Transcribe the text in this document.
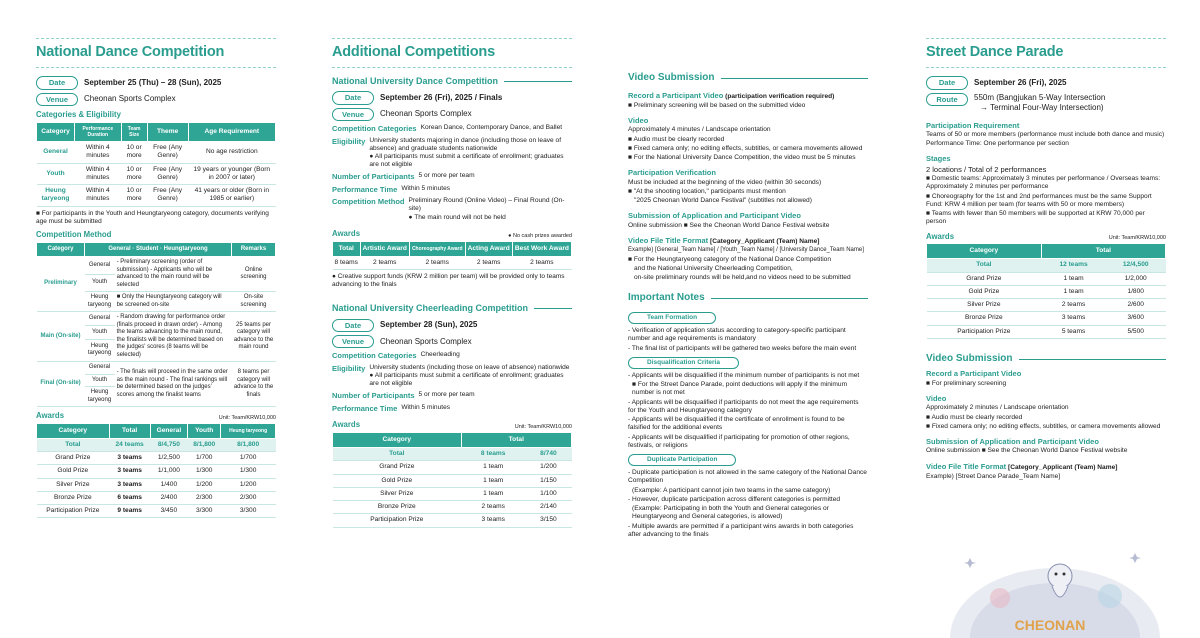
National Dance Competition
Date	September 25 (Thu) – 28 (Sun), 2025
Venue	Cheonan Sports Complex
Categories & Eligibility
Category	Performance Duration	Team Size	Theme	Age Requirement
General	Within 4 minutes	10 or more	Free (Any Genre)	No age restriction
Youth	Within 4 minutes	10 or more	Free (Any Genre)	19 years or younger (Born in 2007 or later)
Heung taryeong	Within 4 minutes	10 or more	Free (Any Genre)	41 years or older (Born in 1985 or earlier)
■ For participants in the Youth and Heungtaryeong category, documents verifying age must be submitted
Competition Method
Category	General · Student · Heungtaryeong		Remarks
Preliminary	General	- Preliminary screening (order of submission) - Applicants who will be advanced to the main round will be selected	Online screening
	Youth		
	Heung taryeong	■ Only the Heungtaryeong category will be screened on-site	On-site screening
Main (On-site)	General	- Random drawing for performance order (finals proceed in drawn order) - Among the teams advancing to the main round, the finalists will be determined based on the judges' scores (8 teams will be selected)	25 teams per category will advance to the main round
	Youth		
	Heung taryeong		
Final (On-site)	General	- The finals will proceed in the same order as the main round - The final rankings will be determined based on the judges' scores among the finalist teams	8 teams per category will advance to the finals
	Youth		
	Heung taryeong		
Awards	Unit: Team/KRW10,000
Category	Total	General	Youth	Heung taryeong
Total	24 teams	8/4,750	8/1,800	8/1,800
Grand Prize	3 teams	1/2,500	1/700	1/700
Gold Prize	3 teams	1/1,000	1/300	1/300
Silver Prize	3 teams	1/400	1/200	1/200
Bronze Prize	6 teams	2/400	2/300	2/300
Participation Prize	9 teams	3/450	3/300	3/300
Additional Competitions
National University Dance Competition
Date	September 26 (Fri), 2025 / Finals
Venue	Cheonan Sports Complex
Competition Categories Korean Dance, Contemporary Dance, and Ballet
Eligibility University students majoring in dance (including those on leave of absence) and graduate students nationwide
● All participants must submit a certificate of enrollment; graduates are not eligible
Number of Participants 5 or more per team
Performance Time Within 5 minutes
Competition Method Preliminary Round (Online Video) – Final Round (On-site)
● The main round will not be held
Awards	● No cash prizes awarded
Total	Artistic Award	Choreography Award	Acting Award	Best Work Award
8 teams	2 teams	2 teams	2 teams	2 teams
● Creative support funds (KRW 2 million per team) will be provided only to teams advancing to the finals
National University Cheerleading Competition
Date	September 28 (Sun), 2025
Venue	Cheonan Sports Complex
Competition Categories Cheerleading
Eligibility University students (including those on leave of absence) nationwide ● All participants must submit a certificate of enrollment; graduates are not eligible
Number of Participants 5 or more per team
Performance Time Within 5 minutes
Awards	Unit: Team/KRW10,000
Category	Total	
Total	8 teams	8/740
Grand Prize	1 team	1/200
Gold Prize	1 team	1/150
Silver Prize	1 team	1/100
Bronze Prize	2 teams	2/140
Participation Prize	3 teams	3/150
Video Submission
Record a Participant Video (participation verification required)
■ Preliminary screening will be based on the submitted video
Video
Approximately 4 minutes / Landscape orientation
■ Audio must be clearly recorded
■ Fixed camera only; no editing effects, subtitles, or camera movements allowed
■ For the National University Dance Competition, the video must be 5 minutes
Participation Verification
Must be included at the beginning of the video (within 30 seconds)
■ "At the shooting location," participants must mention
"2025 Cheonan World Dance Festival" (subtitles not allowed)
Submission of Application and Participant Video
Online submission ■ See the Cheonan World Dance Festival website
Video File Title Format [Category_Applicant (Team) Name]
Example) [General_Team Name] / [Youth_Team Name] / [University Dance_Team Name]
■ For the Heungtaryeong category of the National Dance Competition
and the National University Cheerleading Competition,
on-site preliminary rounds will be held,and no videos need to be submitted
Important Notes
Team Formation
- Verification of application status according to category-specific participant number and age requirements is mandatory
- The final list of participants will be gathered two weeks before the main event
Disqualification Criteria
- Applicants will be disqualified if the minimum number of participants is not met
■ For the Street Dance Parade, point deductions will apply if the minimum number is not met
- Applicants will be disqualified if participants do not meet the age requirements for the Youth and Heungtaryeong category
- Applicants will be disqualified if the certificate of enrollment is found to be falsified for the additional events
- Applicants will be disqualified if participating for promotion of other regions, festivals, or religions
Duplicate Participation
- Duplicate participation is not allowed in the same category of the National Dance Competition
(Example: A participant cannot join two teams in the same category)
- However, duplicate participation across different categories is permitted
(Example: Participating in both the Youth and General categories or Heungtaryeong and General categories, is allowed)
- Multiple awards are permitted if a participant wins awards in both categories after advancing to the finals
Street Dance Parade
Date	September 26 (Fri), 2025
Route	550m (Bangjukan 5-Way Intersection
→ Terminal Four-Way Intersection)
Participation Requirement
Teams of 50 or more members (performance must include both dance and music)
Performance Time: One performance per section
Stages
2 locations / Total of 2 performances
■ Domestic teams: Approximately 3 minutes per performance / Overseas teams: Approximately 2 minutes per performance
■ Choreography for the 1st and 2nd performances must be the same Support Fund: KRW 4 million per team (for teams with 50 or more members)
■ Teams with fewer than 50 members will be supported at KRW 70,000 per person
Awards	Unit: Team/KRW10,000
Category	Total	
Total	12 teams	12/4,500
Grand Prize	1 team	1/2,000
Gold Prize	1 team	1/800
Silver Prize	2 teams	2/600
Bronze Prize	3 teams	3/600
Participation Prize	5 teams	5/500
Video Submission
Record a Participant Video
■ For preliminary screening
Video
Approximately 2 minutes / Landscape orientation
■ Audio must be clearly recorded
■ Fixed camera only; no editing effects, subtitles, or camera movements allowed
Submission of Application and Participant Video
Online submission ■ See the Cheonan World Dance Festival website
Video File Title Format [Category_Applicant (Team) Name]
Example) [Street Dance Parade_Team Name]
CHEONAN
